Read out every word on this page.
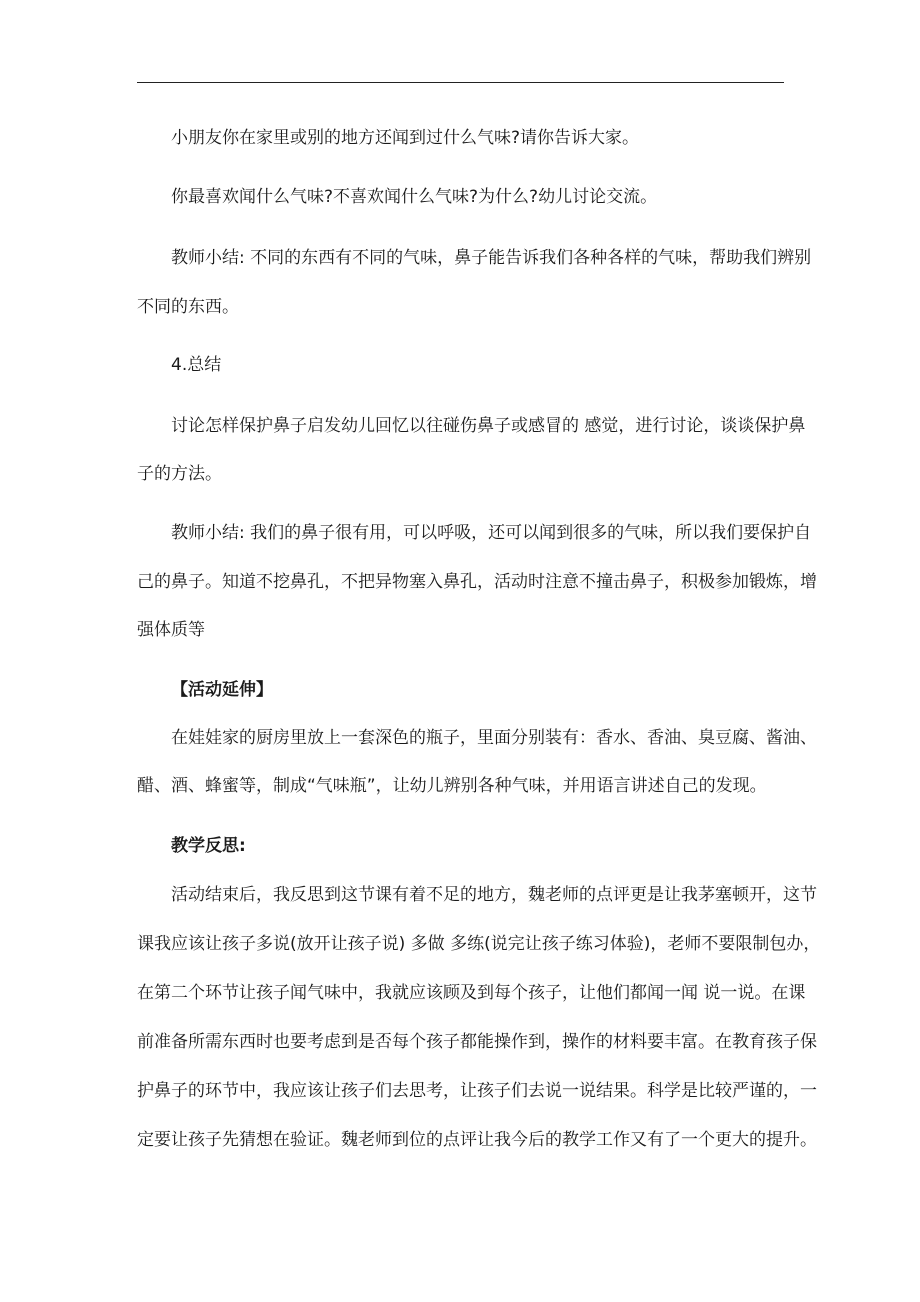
小朋友你在家里或别的地方还闻到过什么气味?请你告诉大家。
你最喜欢闻什么气味?不喜欢闻什么气味?为什么?幼儿讨论交流。
教师小结: 不同的东西有不同的气味，鼻子能告诉我们各种各样的气味，帮助我们辨别
不同的东西。
4.总结
讨论怎样保护鼻子启发幼儿回忆以往碰伤鼻子或感冒的 感觉，进行讨论，谈谈保护鼻
子的方法。
教师小结: 我们的鼻子很有用，可以呼吸，还可以闻到很多的气味，所以我们要保护自
己的鼻子。知道不挖鼻孔，不把异物塞入鼻孔，活动时注意不撞击鼻子，积极参加锻炼，增
强体质等
【活动延伸】
在娃娃家的厨房里放上一套深色的瓶子，里面分别装有：香水、香油、臭豆腐、酱油、
醋、酒、蜂蜜等，制成“气味瓶”，让幼儿辨别各种气味，并用语言讲述自己的发现。
教学反思:
活动结束后，我反思到这节课有着不足的地方，魏老师的点评更是让我茅塞顿开，这节
课我应该让孩子多说(放开让孩子说) 多做 多练(说完让孩子练习体验)，老师不要限制包办，
在第二个环节让孩子闻气味中，我就应该顾及到每个孩子，让他们都闻一闻 说一说。在课
前准备所需东西时也要考虑到是否每个孩子都能操作到，操作的材料要丰富。在教育孩子保
护鼻子的环节中，我应该让孩子们去思考，让孩子们去说一说结果。科学是比较严谨的，一
定要让孩子先猜想在验证。魏老师到位的点评让我今后的教学工作又有了一个更大的提升。
